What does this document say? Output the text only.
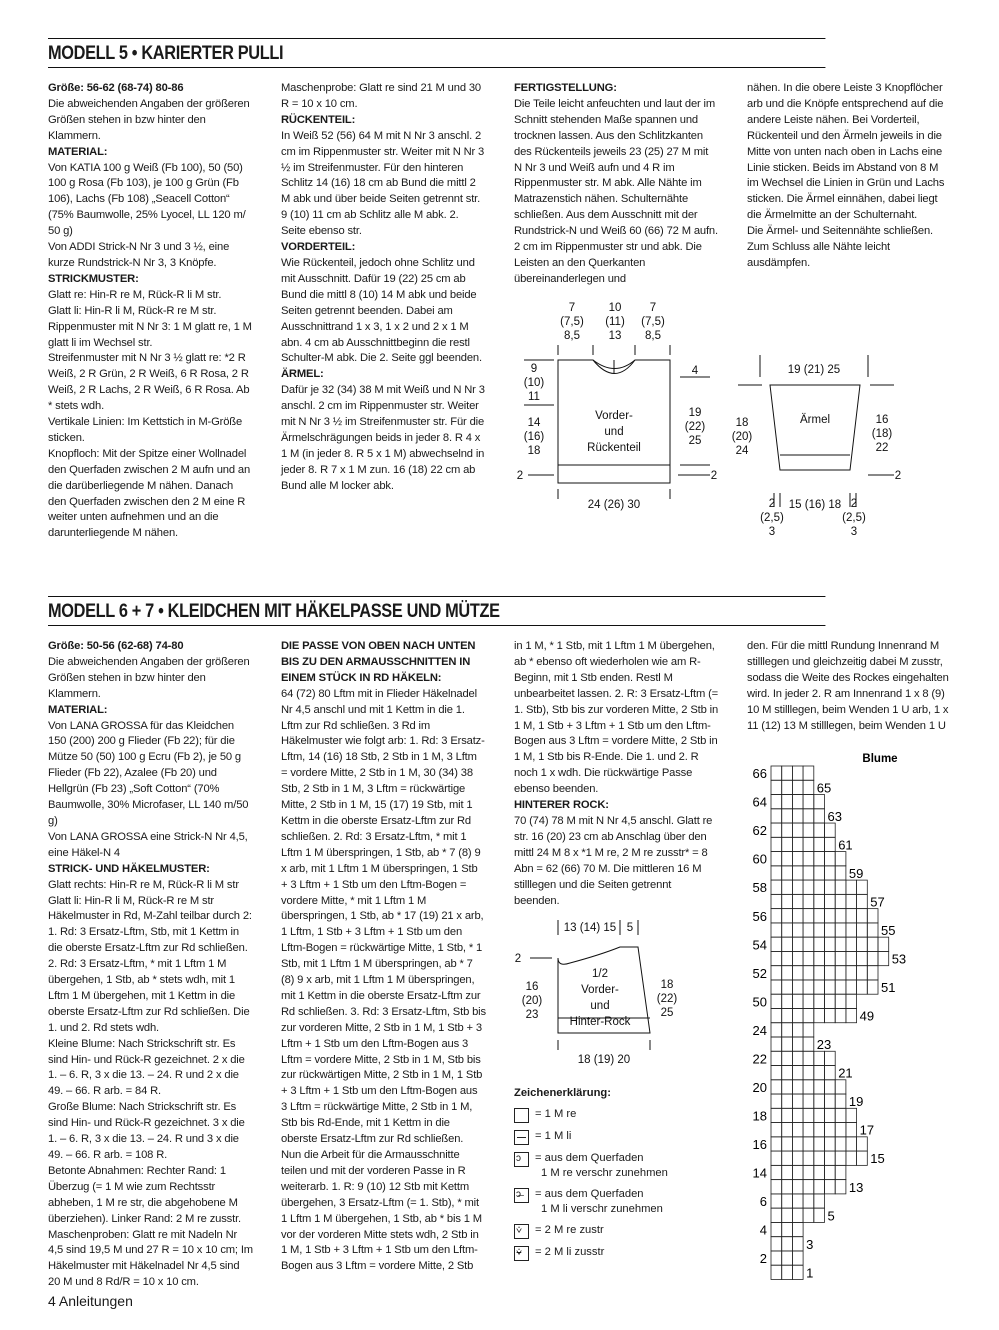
MODELL 5 • KARIERTER PULLI

Größe: 56-62 (68-74) 80-86

Die abweichenden Angaben der größeren Größen stehen in bzw hinter den Klammern.

MATERIAL:

Von KATIA 100 g Weiß (Fb 100), 50 (50) 100 g Rosa (Fb 103), je 100 g Grün (Fb 106), Lachs (Fb 108) „Seacell Cotton“ (75% Baumwolle, 25% Lyocel, LL 120 m/ 50 g)

Von ADDI Strick-N Nr 3 und 3 ½, eine kurze Rundstrick-N Nr 3, 3 Knöpfe.

STRICKMUSTER:

Glatt re: Hin-R re M, Rück-R li M str.

Glatt li: Hin-R li M, Rück-R re M str.

Rippenmuster mit N Nr 3: 1 M glatt re, 1 M glatt li im Wechsel str.

Streifenmuster mit N Nr 3 ½ glatt re: *2 R Weiß, 2 R Grün, 2 R Weiß, 6 R Rosa, 2 R Weiß, 2 R Lachs, 2 R Weiß, 6 R Rosa. Ab * stets wdh.

Vertikale Linien: Im Kettstich in M-Größe sticken.

Knopfloch: Mit der Spitze einer Wollnadel den Querfaden zwischen 2 M aufn und an die darüberliegende M nähen. Danach den Querfaden zwischen den 2 M eine R weiter unten aufnehmen und an die darunterliegende M nähen.

Maschenprobe: Glatt re sind 21 M und 30 R = 10 x 10 cm.

RÜCKENTEIL:

In Weiß 52 (56) 64 M mit N Nr 3 anschl. 2 cm im Rippenmuster str. Weiter mit N Nr 3 ½ im Streifenmuster. Für den hinteren Schlitz 14 (16) 18 cm ab Bund die mittl 2 M abk und über beide Seiten getrennt str. 9 (10) 11 cm ab Schlitz alle M abk. 2. Seite ebenso str.

VORDERTEIL:

Wie Rückenteil, jedoch ohne Schlitz und mit Ausschnitt. Dafür 19 (22) 25 cm ab Bund die mittl 8 (10) 14 M abk und beide Seiten getrennt beenden. Dabei am Ausschnittrand 1 x 3, 1 x 2 und 2 x 1 M abn. 4 cm ab Ausschnittbeginn die restl Schulter-M abk. Die 2. Seite ggl beenden.

ÄRMEL:

Dafür je 32 (34) 38 M mit Weiß und N Nr 3 anschl. 2 cm im Rippenmuster str. Weiter mit N Nr 3 ½ im Streifenmuster str. Für die Ärmelschrägungen beids in jeder 8. R 4 x 1 M (in jeder 8. R 5 x 1 M) abwechselnd in jeder 8. R 7 x 1 M zun. 16 (18) 22 cm ab Bund alle M locker abk.

FERTIGSTELLUNG:

Die Teile leicht anfeuchten und laut der im Schnitt stehenden Maße spannen und trocknen lassen. Aus den Schlitzkanten des Rückenteils jeweils 23 (25) 27 M mit N Nr 3 und Weiß aufn und 4 R im Rippenmuster str. M abk. Alle Nähte im Matrazenstich nähen. Schulternähte schließen. Aus dem Ausschnitt mit der Rundstrick-N und Weiß 60 (66) 72 M aufn. 2 cm im Rippenmuster str und abk. Die Leisten an den Querkanten übereinanderlegen und

nähen. In die obere Leiste 3 Knopflöcher arb und die Knöpfe entsprechend auf die andere Leiste nähen. Bei Vorderteil, Rückenteil und den Ärmeln jeweils in die Mitte von unten nach oben in Lachs eine Linie sticken. Beids im Abstand von 8 M im Wechsel die Linien in Grün und Lachs sticken. Die Ärmel einnähen, dabei liegt die Ärmelmitte an der Schulternaht.

Die Ärmel- und Seitennähte schließen. Zum Schluss alle Nähte leicht ausdämpfen.

7
(7,5)
8,5
10
(11)
13
7
(7,5)
8,5
Vorder-
und
Rückenteil
9
(10)
11
14
(16)
18
2
4
19
(22)
25
2
24 (26) 30
Ärmel
19 (21) 25
18
(20)
24
16
(18)
22
2
15 (16) 18
2
(2,5)
3
2
(2,5)
3
MODELL 6 + 7 • KLEIDCHEN MIT HÄKELPASSE UND MÜTZE

Größe: 50-56 (62-68) 74-80

Die abweichenden Angaben der größeren Größen stehen in bzw hinter den Klammern.

MATERIAL:

Von LANA GROSSA für das Kleidchen 150 (200) 200 g Flieder (Fb 22); für die Mütze 50 (50) 100 g Ecru (Fb 2), je 50 g Flieder (Fb 22), Azalee (Fb 20) und Hellgrün (Fb 23) „Soft Cotton“ (70% Baumwolle, 30% Microfaser, LL 140 m/50 g)

Von LANA GROSSA eine Strick-N Nr 4,5, eine Häkel-N 4

STRICK- UND HÄKELMUSTER:

Glatt rechts: Hin-R re M, Rück-R li M str

Glatt li: Hin-R li M, Rück-R re M str

Häkelmuster in Rd, M-Zahl teilbar durch 2: 1. Rd: 3 Ersatz-Lftm, Stb, mit 1 Kettm in die oberste Ersatz-Lftm zur Rd schließen. 2. Rd: 3 Ersatz-Lftm, * mit 1 Lftm 1 M übergehen, 1 Stb, ab * stets wdh, mit 1 Lftm 1 M übergehen, mit 1 Kettm in die oberste Ersatz-Lftm zur Rd schließen. Die 1. und 2. Rd stets wdh.

Kleine Blume: Nach Strickschrift str. Es sind Hin- und Rück-R gezeichnet. 2 x die 1. – 6. R, 3 x die 13. – 24. R und 2 x die 49. – 66. R arb. = 84 R.

Große Blume: Nach Strickschrift str. Es sind Hin- und Rück-R gezeichnet. 3 x die 1. – 6. R, 3 x die 13. – 24. R und 3 x die 49. – 66. R arb. = 108 R.

Betonte Abnahmen: Rechter Rand: 1 Überzug (= 1 M wie zum Rechtsstr abheben, 1 M re str, die abgehobene M überziehen). Linker Rand: 2 M re zusstr.

Maschenproben: Glatt re mit Nadeln Nr 4,5 sind 19,5 M und 27 R = 10 x 10 cm; Im Häkelmuster mit Häkelnadel Nr 4,5 sind 20 M und 8 Rd/R = 10 x 10 cm.

DIE PASSE VON OBEN NACH UNTEN BIS ZU DEN ARMAUSSCHNITTEN IN EINEM STÜCK IN RD HÄKELN:

64 (72) 80 Lftm mit in Flieder Häkelnadel Nr 4,5 anschl und mit 1 Kettm in die 1. Lftm zur Rd schließen. 3 Rd im Häkelmuster wie folgt arb: 1. Rd: 3 Ersatz-Lftm, 14 (16) 18 Stb, 2 Stb in 1 M, 3 Lftm = vordere Mitte, 2 Stb in 1 M, 30 (34) 38 Stb, 2 Stb in 1 M, 3 Lftm = rückwärtige Mitte, 2 Stb in 1 M, 15 (17) 19 Stb, mit 1 Kettm in die oberste Ersatz-Lftm zur Rd schließen. 2. Rd: 3 Ersatz-Lftm, * mit 1 Lftm 1 M überspringen, 1 Stb, ab * 7 (8) 9 x arb, mit 1 Lftm 1 M überspringen, 1 Stb + 3 Lftm + 1 Stb um den Lftm-Bogen = vordere Mitte, * mit 1 Lftm 1 M überspringen, 1 Stb, ab * 17 (19) 21 x arb, 1 Lftm, 1 Stb + 3 Lftm + 1 Stb um den Lftm-Bogen = rückwärtige Mitte, 1 Stb, * 1 Stb, mit 1 Lftm 1 M überspringen, ab * 7 (8) 9 x arb, mit 1 Lftm 1 M überspringen, mit 1 Kettm in die oberste Ersatz-Lftm zur Rd schließen. 3. Rd: 3 Ersatz-Lftm, Stb bis zur vorderen Mitte, 2 Stb in 1 M, 1 Stb + 3 Lftm + 1 Stb um den Lftm-Bogen aus 3 Lftm = vordere Mitte, 2 Stb in 1 M, Stb bis zur rückwärtigen Mitte, 2 Stb in 1 M, 1 Stb + 3 Lftm + 1 Stb um den Lftm-Bogen aus 3 Lftm = rückwärtige Mitte, 2 Stb in 1 M, Stb bis Rd-Ende, mit 1 Kettm in die oberste Ersatz-Lftm zur Rd schließen. Nun die Arbeit für die Armausschnitte teilen und mit der vorderen Passe in R weiterarb. 1. R: 9 (10) 12 Stb mit Kettm übergehen, 3 Ersatz-Lftm (= 1. Stb), * mit 1 Lftm 1 M übergehen, 1 Stb, ab * bis 1 M vor der vorderen Mitte stets wdh, 2 Stb in 1 M, 1 Stb + 3 Lftm + 1 Stb um den Lftm-Bogen aus 3 Lftm = vordere Mitte, 2 Stb

in 1 M, * 1 Stb, mit 1 Lftm 1 M übergehen, ab * ebenso oft wiederholen wie am R-Beginn, mit 1 Stb enden. Restl M unbearbeitet lassen. 2. R: 3 Ersatz-Lftm (= 1. Stb), Stb bis zur vorderen Mitte, 2 Stb in 1 M, 1 Stb + 3 Lftm + 1 Stb um den Lftm-Bogen aus 3 Lftm = vordere Mitte, 2 Stb in 1 M, 1 Stb bis R-Ende. Die 1. und 2. R noch 1 x wdh. Die rückwärtige Passe ebenso beenden.

HINTERER ROCK:

70 (74) 78 M mit N Nr 4,5 anschl. Glatt re str. 16 (20) 23 cm ab Anschlag über den mittl 24 M 8 x *1 M re, 2 M re zusstr* = 8 Abn = 62 (66) 70 M. Die mittleren 16 M stilllegen und die Seiten getrennt beenden.

den. Für die mittl Rundung Innenrand M stilllegen und gleichzeitig dabei M zusstr, sodass die Weite des Rockes eingehalten wird. In jeder 2. R am Innenrand 1 x 8 (9) 10 M stilllegen, beim Wenden 1 U arb, 1 x 11 (12) 13 M stilllegen, beim Wenden 1 U

13 (14) 15 5
2
16
(20)
23
1/2
Vorder-
und
Hinter-Rock
18
(22)
25
18 (19) 20
Zeichenerklärung:
= 1 M re
= 1 M li
ↄ = aus dem Querfaden
1 M re verschr zunehmen
ↄ̶ = aus dem Querfaden
1 M li verschr zunehmen
⩒ = 2 M re zustr
⩒̶ = 2 M li zusstr
Blume
66
64
62
60
58
56
54
52
50
24
22
20
18
16
14
6
4
2
65
63
61
59
57
55
53
51
49
23
21
19
17
15
13
5
3
1
4 Anleitungen
